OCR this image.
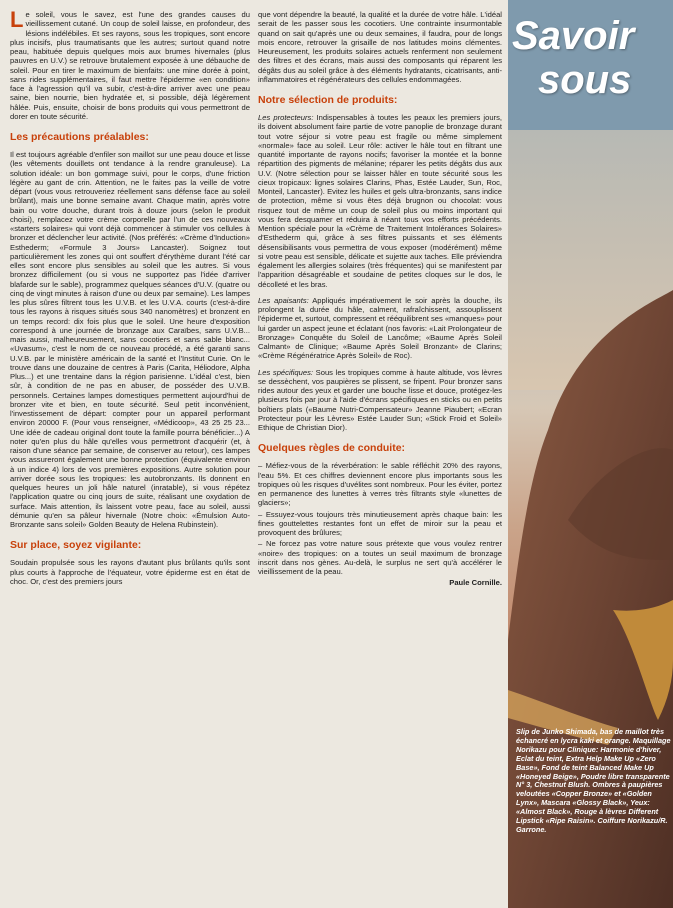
Le soleil, vous le savez, est l'une des grandes causes du vieillissement cutané. Un coup de soleil laisse, en profondeur, des lésions indélébiles. Et ses rayons, sous les tropiques, sont encore plus incisifs, plus traumatisants que les autres; surtout quand notre peau, habituée depuis quelques mois aux brumes hivernales (plus pauvres en U.V.) se retrouve brutalement exposée à une débauche de soleil. Pour en tirer le maximum de bienfaits: une mine dorée à point, sans rides supplémentaires, il faut mettre l'épiderme «en condition» face à l'agression qu'il va subir, c'est-à-dire arriver avec une peau saine, bien nourrie, bien hydratée et, si possible, déjà légèrement hâlée. Puis, ensuite, choisir de bons produits qui vous permettront de dorer en toute sécurité.

Les précautions préalables:

Il est toujours agréable d'enfiler son maillot sur une peau douce et lisse (les vêtements douillets ont tendance à la rendre granuleuse). La solution idéale: un bon gommage suivi, pour le corps, d'une friction légère au gant de crin. Attention, ne le faites pas la veille de votre départ (vous vous retrouveriez réellement sans défense face au soleil brûlant), mais une bonne semaine avant. Chaque matin, après votre bain ou votre douche, durant trois à douze jours (selon le produit choisi), remplacez votre crème corporelle par l'un de ces nouveaux «starters solaires» qui vont déjà commencer à stimuler vos cellules à bronzer et déclencher leur activité. (Nos préférés: «Crème d'Induction» Esthederm; «Formule 3 Jours» Lancaster). Soignez tout particulièrement les zones qui ont souffert d'érythème durant l'été car elles sont encore plus sensibles au soleil que les autres. Si vous bronzez difficilement (ou si vous ne supportez pas l'idée d'arriver blafarde sur le sable), programmez quelques séances d'U.V. (quatre ou cinq de vingt minutes à raison d'une ou deux par semaine). Les lampes les plus sûres filtrent tous les U.V.B. et les U.V.A. courts (c'est-à-dire tous les rayons à risques situés sous 340 nanomètres) et bronzent en un temps record: dix fois plus que le soleil. Une heure d'exposition correspond à une journée de bronzage aux Caraïbes, sans U.V.B... mais aussi, malheureusement, sans cocotiers et sans sable blanc... «Uvasum», c'est le nom de ce nouveau procédé, a été garanti sans U.V.B. par le ministère américain de la santé et l'Institut Curie. On le trouve dans une douzaine de centres à Paris (Carita, Héliodore, Alpha Plus...) et une trentaine dans la région parisienne. L'idéal c'est, bien sûr, à condition de ne pas en abuser, de posséder des U.V.B. personnels. Certaines lampes domestiques permettent aujourd'hui de bronzer vite et bien, en toute sécurité. Seul petit inconvénient, l'investissement de départ: compter pour un appareil performant environ 20000 F. (Pour vous renseigner, «Médicoop», 43 25 25 23... Une idée de cadeau original dont toute la famille pourra bénéficier...) A noter qu'en plus du hâle qu'elles vous permettront d'acquérir (et, à raison d'une séance par semaine, de conserver au retour), ces lampes vous assureront également une bonne protection (équivalente environ à un indice 4) lors de vos premières expositions. Autre solution pour arriver dorée sous les tropiques: les autobronzants. Ils donnent en quelques heures un joli hâle naturel (inratable), si vous répétez l'application quatre ou cinq jours de suite, réalisant une oxydation de surface. Mais attention, ils laissent votre peau, face au soleil, aussi démunie qu'en sa pâleur hivernale (Notre choix: «Émulsion Auto-Bronzante sans soleil» Golden Beauty de Helena Rubinstein).

Sur place, soyez vigilante:

Soudain propulsée sous les rayons d'autant plus brûlants qu'ils sont plus courts à l'approche de l'équateur, votre épiderme est en état de choc. Or, c'est des premiers jours

que vont dépendre la beauté, la qualité et la durée de votre hâle. L'idéal serait de les passer sous les cocotiers. Une contrainte insurmontable quand on sait qu'après une ou deux semaines, il faudra, pour de longs mois encore, retrouver la grisaille de nos latitudes moins clémentes. Heureusement, les produits solaires actuels renferment non seulement des filtres et des écrans, mais aussi des composants qui réparent les dégâts dus au soleil grâce à des éléments hydratants, cicatrisants, anti-inflammatoires et régénérateurs des cellules endommagées.

Notre sélection de produits:

Les protecteurs: Indispensables à toutes les peaux les premiers jours, ils doivent absolument faire partie de votre panoplie de bronzage durant tout votre séjour si votre peau est fragile ou même simplement «normale» face au soleil. Leur rôle: activer le hâle tout en filtrant une quantité importante de rayons nocifs; favoriser la montée et la bonne répartition des pigments de mélanine; réparer les petits dégâts dus aux U.V. (Notre sélection pour se laisser hâler en toute sécurité sous les cieux tropicaux: lignes solaires Clarins, Phas, Estée Lauder, Sun, Roc, Monteil, Lancaster). Evitez les huiles et gels ultra-bronzants, sans indice de protection, même si vous êtes déjà brugnon ou chocolat: vous risquez tout de même un coup de soleil plus ou moins important qui vous fera desquamer et réduira à néant tous vos efforts précédents. Mention spéciale pour la «Crème de Traitement Intolérances Solaires» d'Esthederm qui, grâce à ses filtres puissants et ses éléments désensibilisants vous permettra de vous exposer (modérément) même si votre peau est sensible, délicate et sujette aux taches. Elle préviendra également les allergies solaires (très fréquentes) qui se manifestent par l'apparition désagréable et soudaine de petites cloques sur le dos, le décolleté et les bras.

Les apaisants: Appliqués impérativement le soir après la douche, ils prolongent la durée du hâle, calment, rafraîchissent, assouplissent l'épiderme et, surtout, compressent et rééquilibrent ses «manques» pour lui garder un aspect jeune et éclatant (nos favoris: «Lait Prolongateur de Bronzage» Conquête du Soleil de Lancôme; «Baume Après Soleil Calmant» de Clinique; «Baume Après Soleil Bronzant» de Clarins; «Crème Régénératrice Après Soleil» de Roc).

Les spécifiques: Sous les tropiques comme à haute altitude, vos lèvres se dessèchent, vos paupières se plissent, se fripent. Pour bronzer sans rides autour des yeux et garder une bouche lisse et douce, protégez-les plusieurs fois par jour à l'aide d'écrans spécifiques en sticks ou en petits boîtiers plats («Baume Nutri-Compensateur» Jeanne Piaubert; «Ecran Protecteur pour les Lèvres» Estée Lauder Sun; «Stick Froid et Soleil» Ethique de Christian Dior).

Quelques règles de conduite:

– Méfiez-vous de la réverbération: le sable réfléchit 20% des rayons, l'eau 5%. Et ces chiffres deviennent encore plus importants sous les tropiques où les risques d'uvélites sont nombreux. Pour les éviter, portez en permanence des lunettes à verres très filtrants style «lunettes de glaciers»;

– Essuyez-vous toujours très minutieusement après chaque bain: les fines gouttelettes restantes font un effet de miroir sur la peau et provoquent des brûlures;

– Ne forcez pas votre nature sous prétexte que vous voulez rentrer «noire» des tropiques: on a toutes un seuil maximum de bronzage inscrit dans nos gènes. Au-delà, le surplus ne sert qu'à accélérer le vieillissement de la peau.

Paule Cornille.
Savoir
sous
Slip de Junko Shimada, bas de maillot très échancré en lycra kaki et orange. Maquillage Norikazu pour Clinique: Harmonie d'hiver, Eclat du teint, Extra Help Make Up «Zero Base», Fond de teint Balanced Make Up «Honeyed Beige», Poudre libre transparente N° 3, Chestnut Blush. Ombres à paupières veloutées «Copper Bronze» et «Golden Lynx», Mascara «Glossy Black», Yeux: «Almost Black», Rouge à lèvres Different Lipstick «Ripe Raisin». Coiffure Norikazu/R. Garrone.
